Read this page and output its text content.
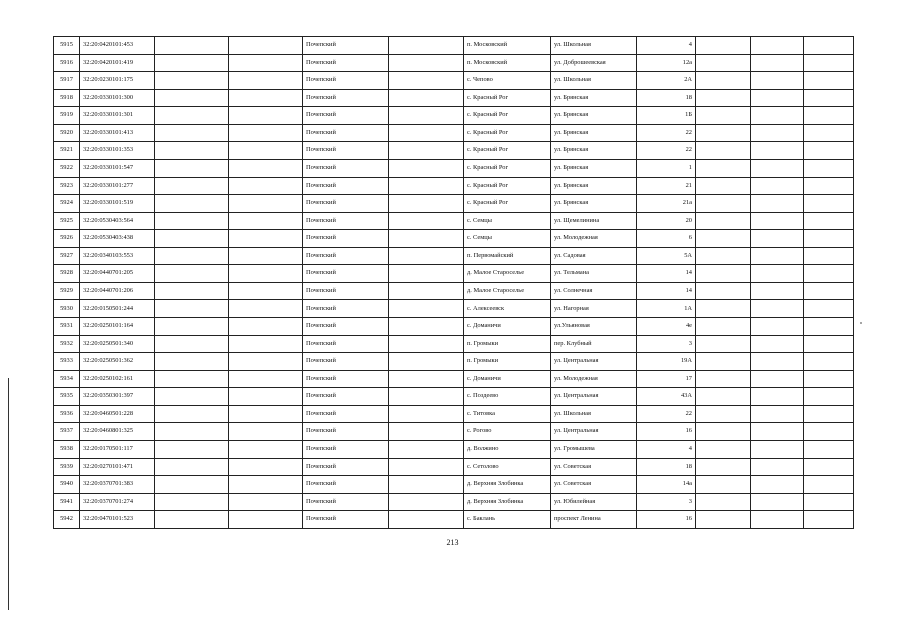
5915	32:20:0420101:453			Почепский		п. Московский	ул. Школьная	4			
5916	32:20:0420101:419			Почепский		п. Московский	ул. Доброшеевская	12а			
5917	32:20:0230101:175			Почепский		с. Чепово	ул. Школьная	2А			
5918	32:20:0330101:300			Почепский		с. Красный Рог	ул. Брянская	18			
5919	32:20:0330101:301			Почепский		с. Красный Рог	ул. Брянская	1Б			
5920	32:20:0330101:413			Почепский		с. Красный Рог	ул. Брянская	22			
5921	32:20:0330101:353			Почепский		с. Красный Рог	ул. Брянская	22			
5922	32:20:0330101:547			Почепский		с. Красный Рог	ул. Брянская	1			
5923	32:20:0330101:277			Почепский		с. Красный Рог	ул. Брянская	21			
5924	32:20:0330101:519			Почепский		с. Красный Рог	ул. Брянская	21а			
5925	32:20:0530403:564			Почепский		с. Семцы	ул. Щемелинина	20			
5926	32:20:0530403:438			Почепский		с. Семцы	ул. Молодежная	6			
5927	32:20:0340103:553			Почепский		п. Первомайский	ул. Садовая	5А			
5928	32:20:0440701:205			Почепский		д. Малое Староселье	ул. Тельмана	14			
5929	32:20:0440701:206			Почепский		д. Малое Староселье	ул. Солнечная	14			
5930	32:20:0150501:244			Почепский		с. Алексеевск	ул. Нагорная	1А			
5931	32:20:0250101:164			Почепский		с. Доманичи	ул.Ульяновая	4е			
5932	32:20:0250501:340			Почепский		п. Громыки	пер. Клубный	3			
5933	32:20:0250501:362			Почепский		п. Громыки	ул. Центральная	19А			
5934	32:20:0250102:161			Почепский		с. Доманичи	ул. Молодежная	17			
5935	32:20:0350301:397			Почепский		с. Поздеево	ул. Центральная	43А			
5936	32:20:0460501:228			Почепский		с. Титовка	ул. Школьная	22			
5937	32:20:0460801:325			Почепский		с. Рогово	ул. Центральная	16			
5938	32:20:0170501:117			Почепский		д. Волжино	ул. Громышева	4			
5939	32:20:0270101:471			Почепский		с. Сетолово	ул. Советская	18			
5940	32:20:0370701:383			Почепский		д. Верхняя Злобинка	ул. Советская	14а			
5941	32:20:0370701:274			Почепский		д. Верхняя Злобинка	ул. Юбилейная	3			
5942	32:20:0470101:523			Почепский		с. Баклань	проспект Ленина	16			
213
